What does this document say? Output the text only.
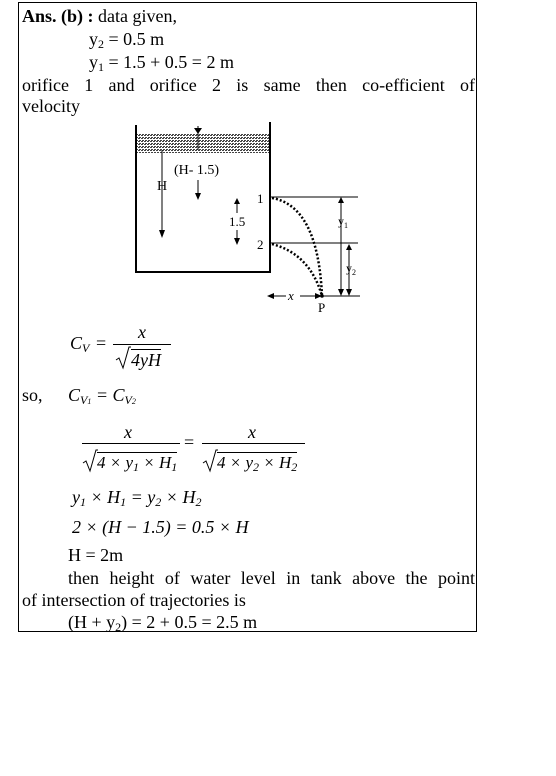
Ans. (b) : data given,
$y_2 = 0.5$ m
$y_1 = 1.5 + 0.5 = 2$ m
orifice 1 and orifice 2 is same then co-efficient of
velocity
(H- 1.5)
H
1.5
1
2
x
P
$y_1$
$y_2$
$C_V$ =
x
4yH
so, $C_{V1} = C_{V2}$
x
$4 \times y_1 \times H_1$
=	x
$4 \times y_2 \times H_2$
$y_1 \times H_1 = y_2 \times H_2$
2 × (H − 1.5) = 0.5 × H
H = 2m
then height of water level in tank above the point
of intersection of trajectories is
$(H + y_2) = 2 + 0.5 = 2.5$ m
